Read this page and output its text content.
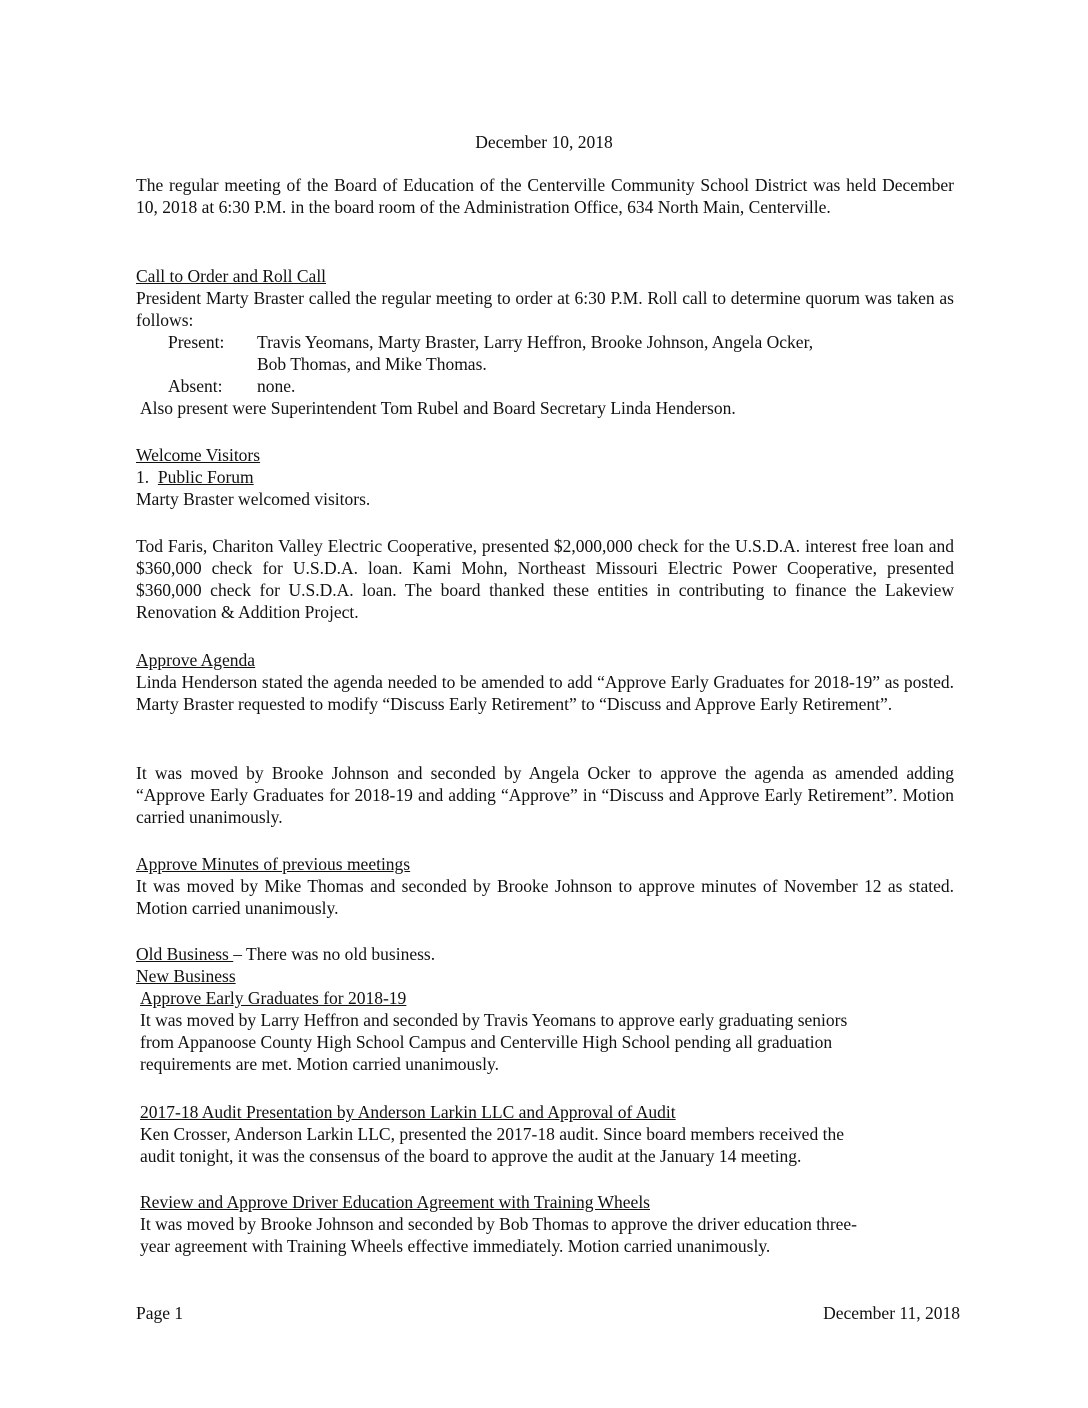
December 10, 2018
The regular meeting of the Board of Education of the Centerville Community School District was held December 10, 2018 at 6:30 P.M. in the board room of the Administration Office, 634 North Main, Centerville.
Call to Order and Roll Call
President Marty Braster called the regular meeting to order at 6:30 P.M. Roll call to determine quorum was taken as follows:
Present: Travis Yeomans, Marty Braster, Larry Heffron, Brooke Johnson, Angela Ocker,
Bob Thomas, and Mike Thomas.
Absent: none.
Also present were Superintendent Tom Rubel and Board Secretary Linda Henderson.
Welcome Visitors
1. Public Forum
Marty Braster welcomed visitors.
Tod Faris, Chariton Valley Electric Cooperative, presented $2,000,000 check for the U.S.D.A. interest free loan and $360,000 check for U.S.D.A. loan. Kami Mohn, Northeast Missouri Electric Power Cooperative, presented $360,000 check for U.S.D.A. loan. The board thanked these entities in contributing to finance the Lakeview Renovation & Addition Project.
Approve Agenda
Linda Henderson stated the agenda needed to be amended to add “Approve Early Graduates for 2018-19” as posted. Marty Braster requested to modify “Discuss Early Retirement” to “Discuss and Approve Early Retirement”.
It was moved by Brooke Johnson and seconded by Angela Ocker to approve the agenda as amended adding “Approve Early Graduates for 2018-19 and adding “Approve” in “Discuss and Approve Early Retirement”. Motion carried unanimously.
Approve Minutes of previous meetings
It was moved by Mike Thomas and seconded by Brooke Johnson to approve minutes of November 12 as stated. Motion carried unanimously.
Old Business – There was no old business.
New Business
Approve Early Graduates for 2018-19
It was moved by Larry Heffron and seconded by Travis Yeomans to approve early graduating seniors
from Appanoose County High School Campus and Centerville High School pending all graduation
requirements are met. Motion carried unanimously.
2017-18 Audit Presentation by Anderson Larkin LLC and Approval of Audit
Ken Crosser, Anderson Larkin LLC, presented the 2017-18 audit. Since board members received the
audit tonight, it was the consensus of the board to approve the audit at the January 14 meeting.
Review and Approve Driver Education Agreement with Training Wheels
It was moved by Brooke Johnson and seconded by Bob Thomas to approve the driver education three-
year agreement with Training Wheels effective immediately. Motion carried unanimously.
Page 1	December 11, 2018
